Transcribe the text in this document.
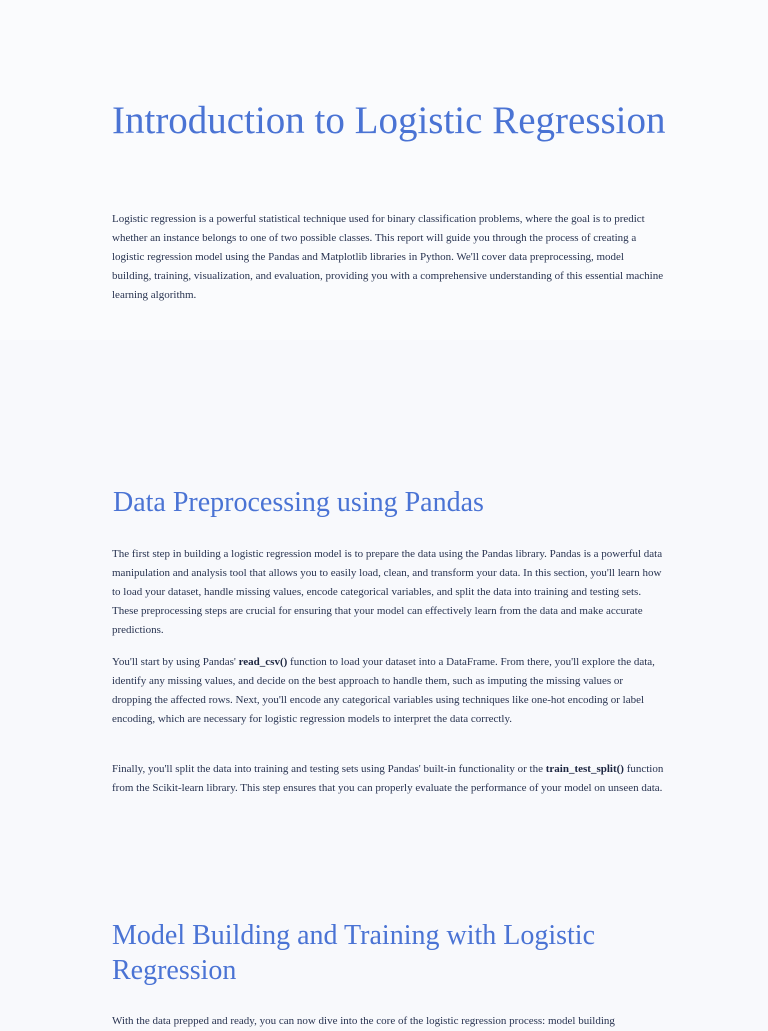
Introduction to Logistic Regression

Logistic regression is a powerful statistical technique used for binary classification problems, where the goal is to predict whether an instance belongs to one of two possible classes. This report will guide you through the process of creating a logistic regression model using the Pandas and Matplotlib libraries in Python. We'll cover data preprocessing, model building, training, visualization, and evaluation, providing you with a comprehensive understanding of this essential machine learning algorithm.

Data Preprocessing using Pandas

The first step in building a logistic regression model is to prepare the data using the Pandas library. Pandas is a powerful data manipulation and analysis tool that allows you to easily load, clean, and transform your data. In this section, you'll learn how to load your dataset, handle missing values, encode categorical variables, and split the data into training and testing sets. These preprocessing steps are crucial for ensuring that your model can effectively learn from the data and make accurate predictions.

You'll start by using Pandas' read_csv() function to load your dataset into a DataFrame. From there, you'll explore the data, identify any missing values, and decide on the best approach to handle them, such as imputing the missing values or dropping the affected rows. Next, you'll encode any categorical variables using techniques like one-hot encoding or label encoding, which are necessary for logistic regression models to interpret the data correctly.

Finally, you'll split the data into training and testing sets using Pandas' built-in functionality or the train_test_split() function from the Scikit-learn library. This step ensures that you can properly evaluate the performance of your model on unseen data.

Model Building and Training with Logistic Regression

With the data prepped and ready, you can now dive into the core of the logistic regression process: model building
